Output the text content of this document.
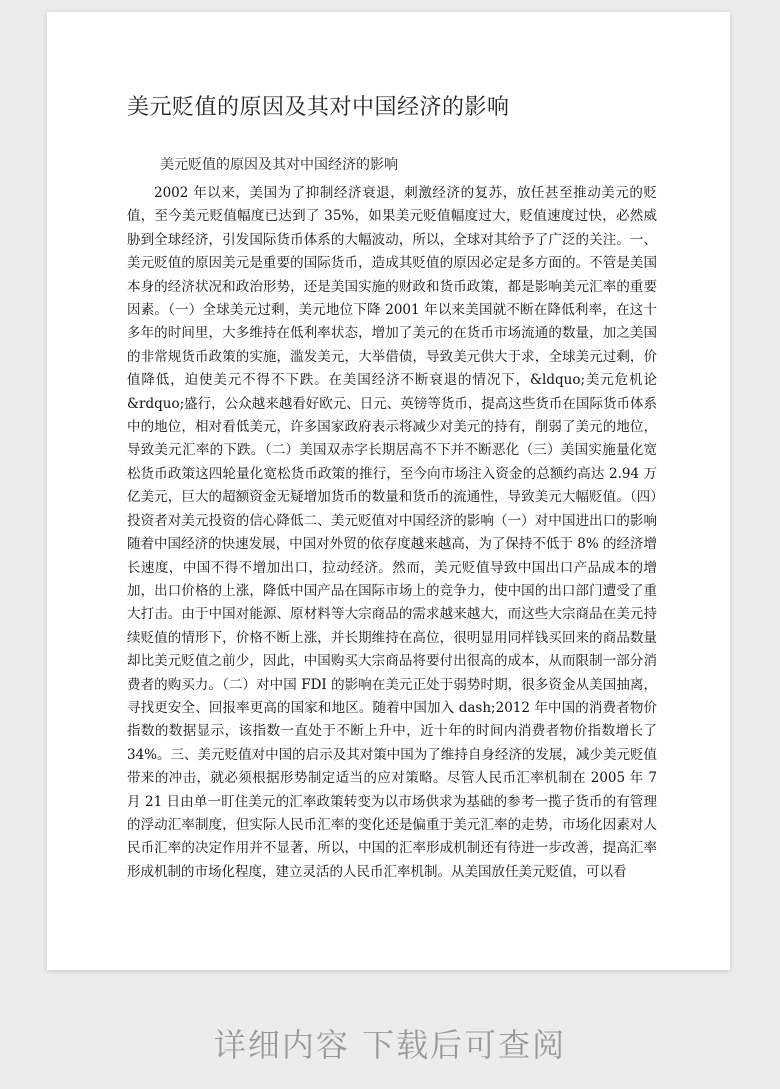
美元贬值的原因及其对中国经济的影响

美元贬值的原因及其对中国经济的影响

2002 年以来，美国为了抑制经济衰退，刺激经济的复苏，放任甚至推动美元的贬值，至今美元贬值幅度已达到了 35%，如果美元贬值幅度过大，贬值速度过快，必然威胁到全球经济，引发国际货币体系的大幅波动，所以，全球对其给予了广泛的关注。一、美元贬值的原因美元是重要的国际货币，造成其贬值的原因必定是多方面的。不管是美国本身的经济状况和政治形势，还是美国实施的财政和货币政策，都是影响美元汇率的重要因素。（一）全球美元过剩，美元地位下降 2001 年以来美国就不断在降低利率，在这十多年的时间里，大多维持在低利率状态，增加了美元的在货币市场流通的数量，加之美国的非常规货币政策的实施，滥发美元，大举借债，导致美元供大于求，全球美元过剩，价值降低，迫使美元不得不下跌。在美国经济不断衰退的情况下，&ldquo;美元危机论&rdquo;盛行，公众越来越看好欧元、日元、英镑等货币，提高这些货币在国际货币体系中的地位，相对看低美元，许多国家政府表示将减少对美元的持有，削弱了美元的地位，导致美元汇率的下跌。（二）美国双赤字长期居高不下并不断恶化（三）美国实施量化宽松货币政策这四轮量化宽松货币政策的推行，至今向市场注入资金的总额约高达 2.94 万亿美元，巨大的超额资金无疑增加货币的数量和货币的流通性，导致美元大幅贬值。（四）投资者对美元投资的信心降低二、美元贬值对中国经济的影响（一）对中国进出口的影响随着中国经济的快速发展，中国对外贸的依存度越来越高，为了保持不低于 8% 的经济增长速度，中国不得不增加出口，拉动经济。然而，美元贬值导致中国出口产品成本的增加，出口价格的上涨，降低中国产品在国际市场上的竞争力，使中国的出口部门遭受了重大打击。由于中国对能源、原材料等大宗商品的需求越来越大，而这些大宗商品在美元持续贬值的情形下，价格不断上涨，并长期维持在高位，很明显用同样钱买回来的商品数量却比美元贬值之前少，因此，中国购买大宗商品将要付出很高的成本，从而限制一部分消费者的购买力。（二）对中国 FDI 的影响在美元正处于弱势时期，很多资金从美国抽离，寻找更安全、回报率更高的国家和地区。随着中国加入 dash;2012 年中国的消费者物价指数的数据显示，该指数一直处于不断上升中，近十年的时间内消费者物价指数增长了 34%。三、美元贬值对中国的启示及其对策中国为了维持自身经济的发展，减少美元贬值带来的冲击，就必须根据形势制定适当的应对策略。尽管人民币汇率机制在 2005 年 7 月 21 日由单一盯住美元的汇率政策转变为以市场供求为基础的参考一揽子货币的有管理的浮动汇率制度，但实际人民币汇率的变化还是偏重于美元汇率的走势，市场化因素对人民币汇率的决定作用并不显著，所以，中国的汇率形成机制还有待进一步改善，提高汇率形成机制的市场化程度，建立灵活的人民币汇率机制。从美国放任美元贬值，可以看

详细内容 下载后可查阅
